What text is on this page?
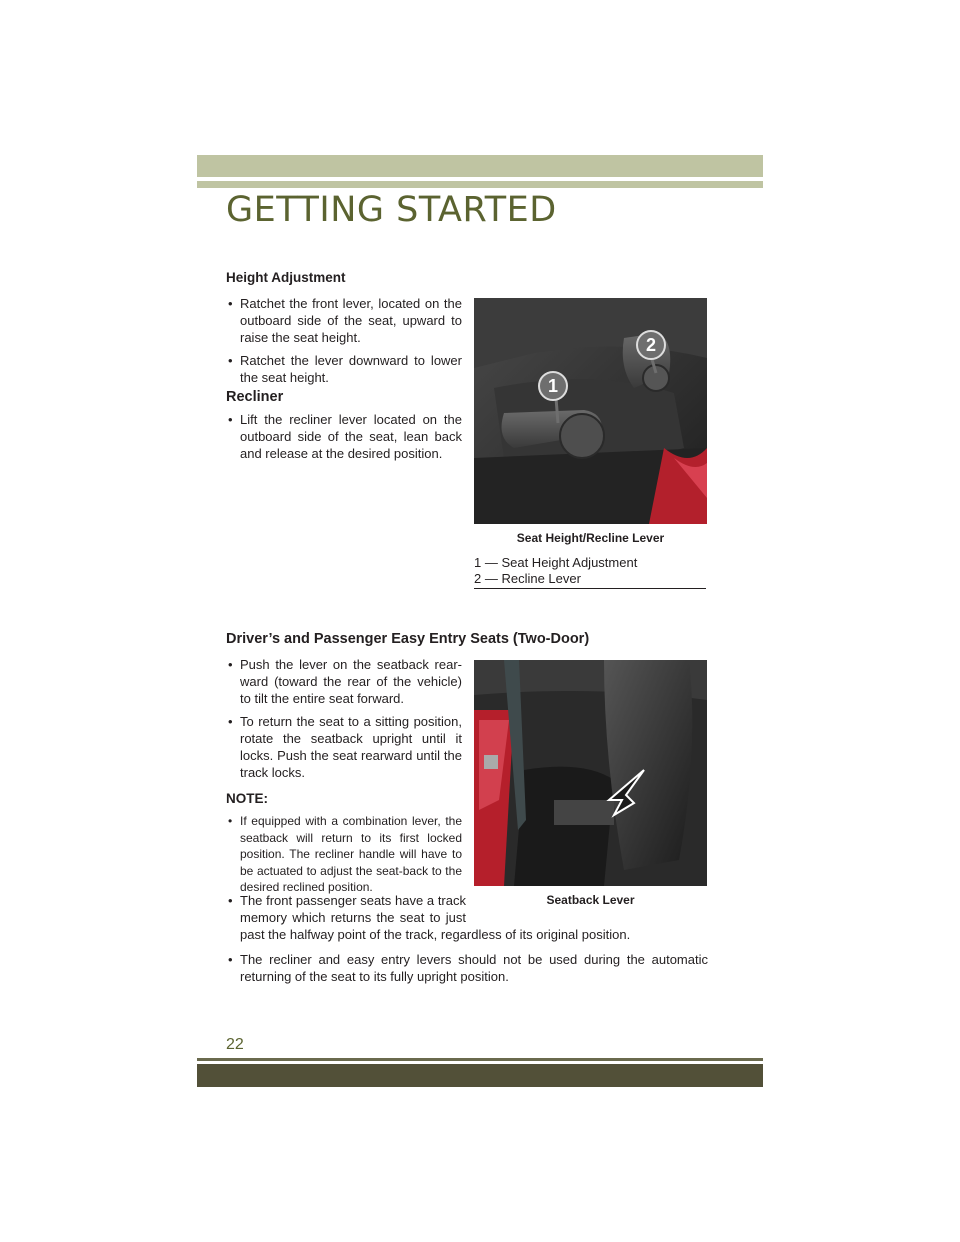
GETTING STARTED
Height Adjustment
• Ratchet the front lever, located on the outboard side of the seat, upward to raise the seat height.
• Ratchet the lever downward to lower the seat height.
Recliner
• Lift the recliner lever located on the outboard side of the seat, lean back and release at the desired position.
1
2
Seat Height/Recline Lever
1 — Seat Height Adjustment
2 — Recline Lever
Driver’s and Passenger Easy Entry Seats (Two-Door)
• Push the lever on the seatback rear-ward (toward the rear of the vehicle) to tilt the entire seat forward.
• To return the seat to a sitting position, rotate the seatback upright until it locks. Push the seat rearward until the track locks.
NOTE:
• If equipped with a combination lever, the seatback will return to its first locked position. The recliner handle will have to be actuated to adjust the seat-back to the desired reclined position.
• The front passenger seats have a track
memory which returns the seat to just
past the halfway point of the track, regardless of its original position.
• The recliner and easy entry levers should not be used during the automatic returning of the seat to its fully upright position.
Seatback Lever
22
